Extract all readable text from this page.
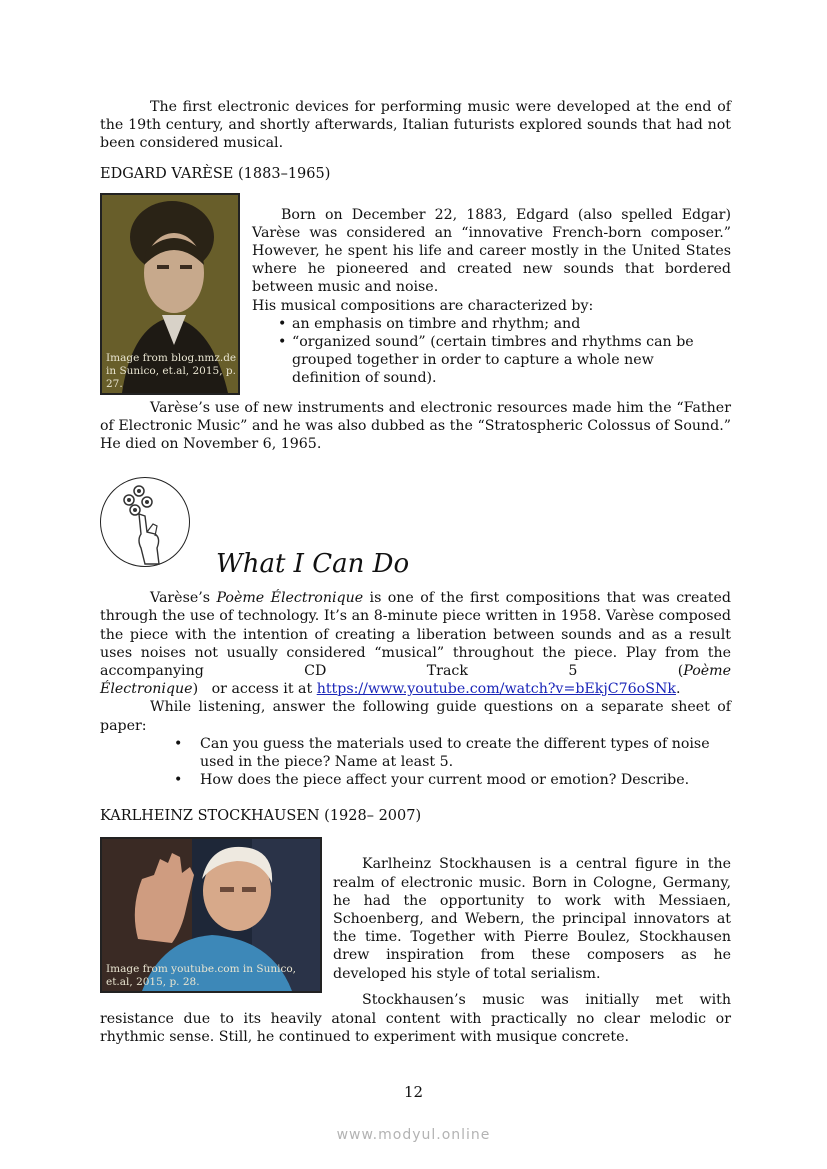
The first electronic devices for performing music were developed at the end of the 19th century, and shortly afterwards, Italian futurists explored sounds that had not been considered musical.

EDGARD VARÈSE (1883–1965)

Image from blog.nmz.de in Sunico, et.al, 2015, p. 27.

Born on December 22, 1883, Edgard (also spelled Edgar) Varèse was considered an “innovative French-born composer.” However, he spent his life and career mostly in the United States where he pioneered and created new sounds that bordered between music and noise.

His musical compositions are characterized by:

• an emphasis on timbre and rhythm; and
• “organized sound” (certain timbres and rhythms can be grouped together in order to capture a whole new definition of sound).

Varèse’s use of new instruments and electronic resources made him the “Father of Electronic Music” and he was also dubbed as the “Stratospheric Colossus of Sound.” He died on November 6, 1965.

What I Can Do

Varèse’s Poème Électronique is one of the first compositions that was created through the use of technology. It’s an 8-minute piece written in 1958. Varèse composed the piece with the intention of creating a liberation between sounds and as a result uses noises not usually considered “musical” throughout the piece. Play from the accompanying CD Track 5 (Poème Électronique)   or access it at https://www.youtube.com/watch?v=bEkjC76oSNk.

While listening, answer the following guide questions on a separate sheet of paper:

• Can you guess the materials used to create the different types of noise used in the piece? Name at least 5.
• How does the piece affect your current mood or emotion? Describe.

KARLHEINZ STOCKHAUSEN (1928– 2007)

Image from youtube.com in Sunico, et.al, 2015, p. 28.

Karlheinz Stockhausen is a central figure in the realm of electronic music. Born in Cologne, Germany, he had the opportunity to work with Messiaen, Schoenberg, and Webern, the principal innovators at the time. Together with Pierre Boulez, Stockhausen drew inspiration from these composers as he developed his style of total serialism.

Stockhausen’s music was initially met with resistance due to its heavily atonal content with practically no clear melodic or rhythmic sense. Still, he continued to experiment with musique concrete.

12
www.modyul.online
